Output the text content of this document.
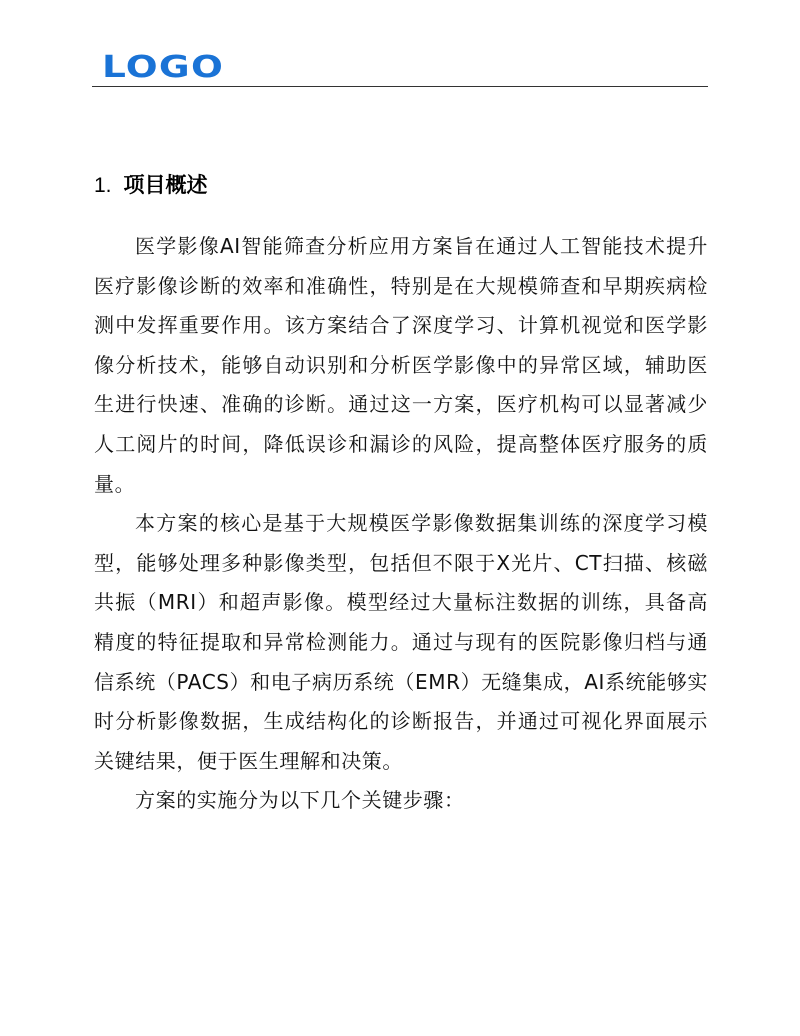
LOGO
1. 项目概述

医学影像AI智能筛查分析应用方案旨在通过人工智能技术提升医疗影像诊断的效率和准确性，特别是在大规模筛查和早期疾病检测中发挥重要作用。该方案结合了深度学习、计算机视觉和医学影像分析技术，能够自动识别和分析医学影像中的异常区域，辅助医生进行快速、准确的诊断。通过这一方案，医疗机构可以显著减少人工阅片的时间，降低误诊和漏诊的风险，提高整体医疗服务的质量。

本方案的核心是基于大规模医学影像数据集训练的深度学习模型，能够处理多种影像类型，包括但不限于X光片、CT扫描、核磁共振（MRI）和超声影像。模型经过大量标注数据的训练，具备高精度的特征提取和异常检测能力。通过与现有的医院影像归档与通信系统（PACS）和电子病历系统（EMR）无缝集成，AI系统能够实时分析影像数据，生成结构化的诊断报告，并通过可视化界面展示关键结果，便于医生理解和决策。

方案的实施分为以下几个关键步骤：
